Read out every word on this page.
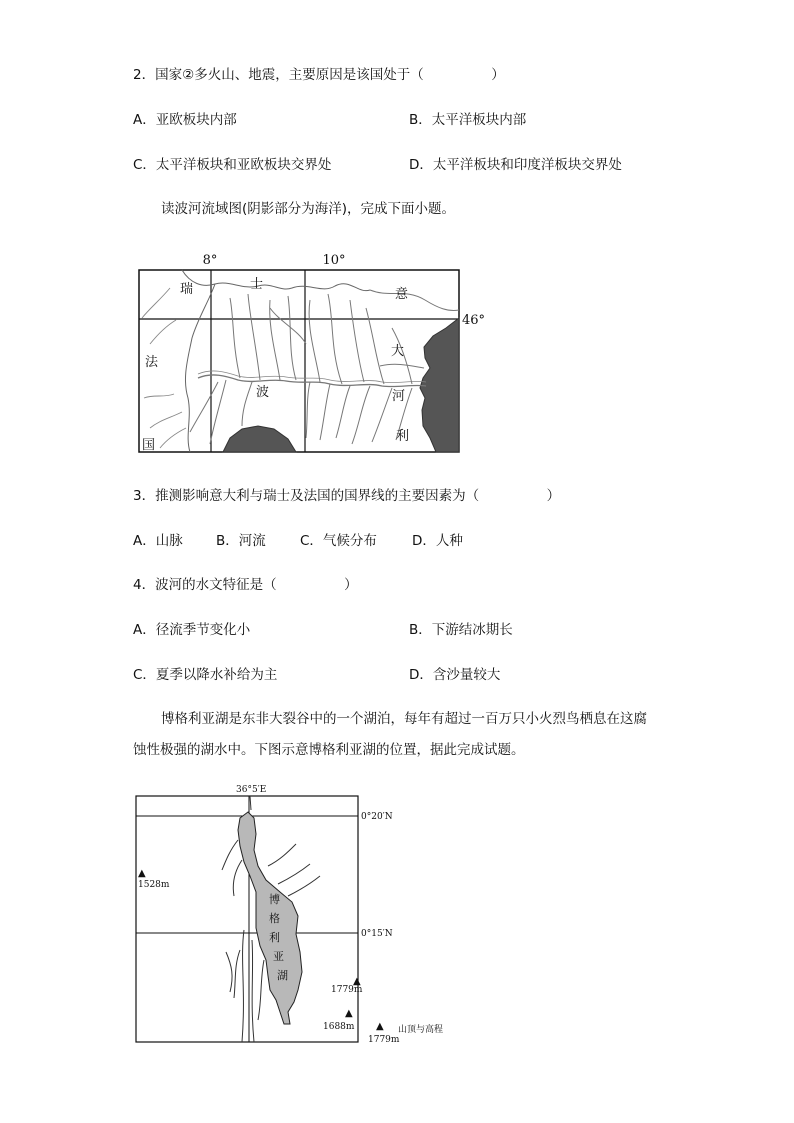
2．国家②多火山、地震，主要原因是该国处于（　　　　　）
A．亚欧板块内部	B．太平洋板块内部
C．太平洋板块和亚欧板块交界处	D．太平洋板块和印度洋板块交界处
读波河流域图(阴影部分为海洋)，完成下面小题。
10°
8°
46°
瑞	士
意
大
河
利
法
国
波
3．推测影响意大利与瑞士及法国的国界线的主要因素为（　　　　　）
A．山脉 B．河流	C．气候分布	D．人种
4．波河的水文特征是（　　　　　）
A．径流季节变化小	B．下游结冰期长
C．夏季以降水补给为主	D．含沙量较大
博格利亚湖是东非大裂谷中的一个湖泊，每年有超过一百万只小火烈鸟栖息在这腐
蚀性极强的湖水中。下图示意博格利亚湖的位置，据此完成试题。
▲
1528m
▲
1779m
▲
1688m ▲
1779m
山顶与高程
36°5′E
0°20′N
0°15′N
博
格
利
亚
湖
